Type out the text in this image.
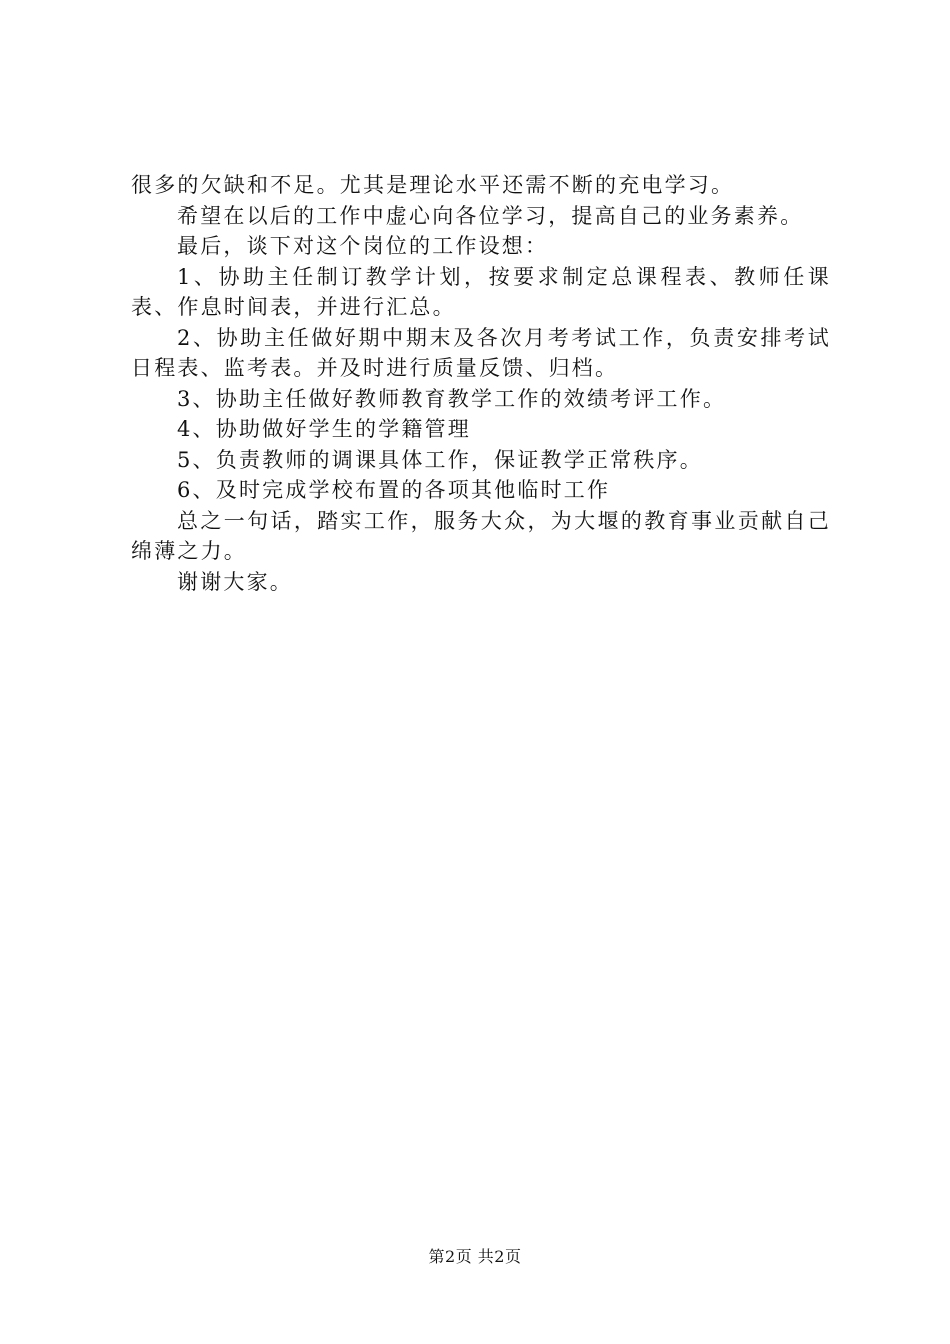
很多的欠缺和不足。尤其是理论水平还需不断的充电学习。

希望在以后的工作中虚心向各位学习，提高自己的业务素养。

最后，谈下对这个岗位的工作设想：

1、协助主任制订教学计划，按要求制定总课程表、教师任课表、作息时间表，并进行汇总。

2、协助主任做好期中期末及各次月考考试工作，负责安排考试日程表、监考表。并及时进行质量反馈、归档。

3、协助主任做好教师教育教学工作的效绩考评工作。

4、协助做好学生的学籍管理

5、负责教师的调课具体工作，保证教学正常秩序。

6、及时完成学校布置的各项其他临时工作

总之一句话，踏实工作，服务大众，为大堰的教育事业贡献自己绵薄之力。

谢谢大家。

第2页 共2页
